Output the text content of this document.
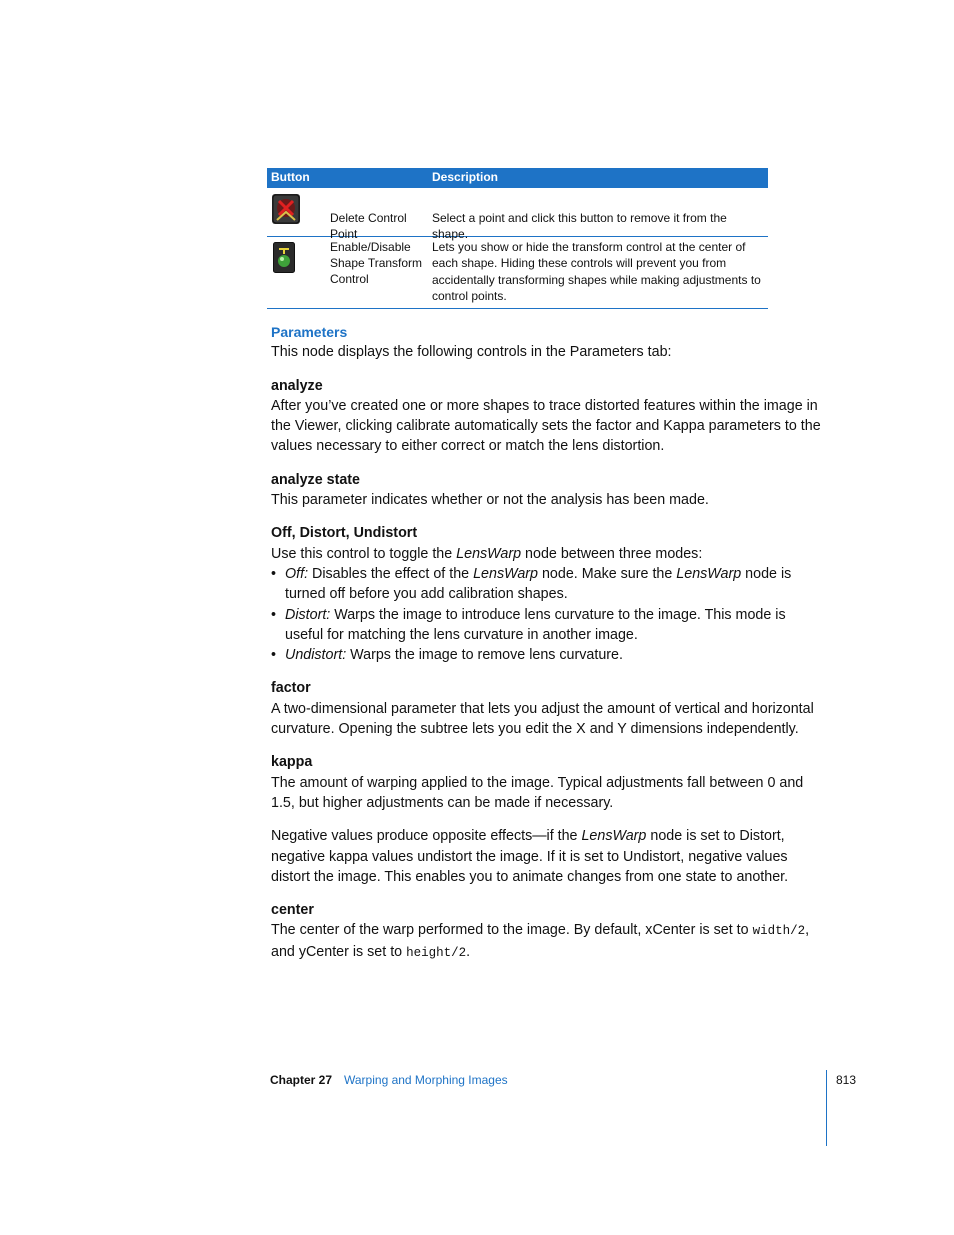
Button	Description
Delete Control Point
Select a point and click this button to remove it from the shape.
Enable/Disable Shape Transform Control
Lets you show or hide the transform control at the center of each shape. Hiding these controls will prevent you from accidentally transforming shapes while making adjustments to control points.

Parameters

This node displays the following controls in the Parameters tab:

analyze

After you’ve created one or more shapes to trace distorted features within the image in the Viewer, clicking calibrate automatically sets the factor and Kappa parameters to the values necessary to either correct or match the lens distortion.

analyze state

This parameter indicates whether or not the analysis has been made.

Off, Distort, Undistort

Use this control to toggle the LensWarp node between three modes:

• Off: Disables the effect of the LensWarp node. Make sure the LensWarp node is turned off before you add calibration shapes.
• Distort: Warps the image to introduce lens curvature to the image. This mode is useful for matching the lens curvature in another image.
• Undistort: Warps the image to remove lens curvature.

factor

A two-dimensional parameter that lets you adjust the amount of vertical and horizontal curvature. Opening the subtree lets you edit the X and Y dimensions independently.

kappa

The amount of warping applied to the image. Typical adjustments fall between 0 and 1.5, but higher adjustments can be made if necessary.

Negative values produce opposite effects—if the LensWarp node is set to Distort, negative kappa values undistort the image. If it is set to Undistort, negative values distort the image. This enables you to animate changes from one state to another.

center

The center of the warp performed to the image. By default, xCenter is set to width/2, and yCenter is set to height/2.

Chapter 27 Warping and Morphing Images	813
